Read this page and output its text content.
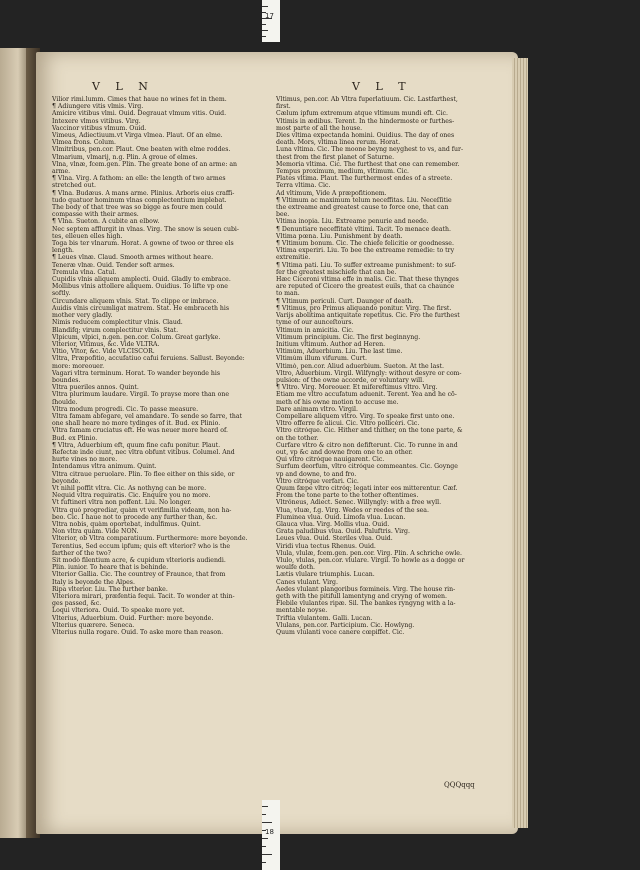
17
18
V L N	V L T
Vilior rimi.lumm. Cimes that haue no wines fet in them.
¶ Adiungere vitis vlmis. Virg.
Amicire vitibus vlmi. Ouid. Degrauat vlmum vitis. Ouid.
Intexere vlmos vitibus. Virg.
Vaccinor vitibus vlmum. Ouid.
Vimeus, Adiectiuum.vt Virga vlmea. Plaut. Of an elme.
Vlmea frons. Colum.
Vlmitribus, pen.cor. Plaut. One beaten with elme roddes.
Vlmarium, vlmarij, n.g. Plin. A groue of elmes.
Vlna, vlnæ, fcem.gen. Plin. The greate bone of an arme: an
arme.
¶ Vlna. Virg. A fathom: an elle: the length of two armes
stretched out.
¶ Vlna. Budæus. A mans arme. Plinius. Arboris eius craffi-
tudo quatuor hominum vlnas complectentium implebat.
The body of that tree was so bigge as foure men could
compasse with their armes.
¶ Vlna. Sueton. A cubite an elbow.
Nec septem afflurgit in vlnas. Virg. The snow is seuen cubi-
tes, elleuen elles high.
Toga bis ter vlnarum. Horat. A gowne of twoo or three els
length.
¶ Leues vlnæ. Claud. Smooth armes without heare.
Teneræ vlnæ. Ouid. Tender soft armes.
Tremula vlna. Catul.
Cupidis vlnis aliquem amplecti. Ouid. Gladly to embrace.
Mollibus vlnis attollere aliquem. Ouidius. To lifte vp one
softly.
Circundare aliquem vlnis. Stat. To clippe or imbrace.
Auidis vlnis circumligat matrem. Stat. He embraceth his
mother very gladly.
Nimis reducem complectitur vlnis. Claud.
Blandifq; virum complectitur vlnis. Stat.
Vlpicum, vlpici, n.gen. pen.cor. Colum. Great garlyke.
Vlterior, Vltimus, &c. Vide VLTRA.
Vltio, Vltor, &c. Vide VLCISCOR.
Vltra, Præpofitio, accufatiuo cafui feruiens. Sallust. Beyonde:
more: moreouer.
Vagari vltra terminum. Horat. To wander beyonde his
boundes.
Vltra pueriles annos. Quint.
Vltra plurimum laudare. Virgil. To prayse more than one
ſhoulde.
Vltra modum progredi. Cic. To passe measure.
Vltra famam abfegare, vel amandare. To sende so farre, that
one shall heare no more tydinges of it. Bud. ex Plinio.
Vltra famam cruciatus eft. He was neuer more heard of.
Bud. ex Plinio.
¶ Vltra, Aduerbium eft, quum fine cafu ponitur. Plaut.
Refectæ inde ciunt, nec vltra obfunt vitibus. Columel. And
hurte vines no more.
Intendamus vltra animum. Quint.
Vltra citraue peruolare. Plin. To flee either on this side, or
beyonde.
Vt nihil poffit vltra. Cic. As nothyng can be more.
Nequid vltra requiratis. Cic. Enquire you no more.
Vt fuftineri vltra non poffent. Liu. No longer.
Vltra quò progrediar, quàm vt verifimilia videam, non ha-
beo. Cic. I haue not to procede any further than, &c.
Vltra nobis, quàm oportebat, indulfimus. Quint.
Non vltra quàm. Vide NON.
Vlterior, ob Vltra comparatiuum. Furthermore: more beyonde.
Terentius, Sed eccum ipfum; quis eft vlterior? who is the
farther of the two?
Sit modò filentium acre, & cupidum vlterioris audiendi.
Plin. iunior. To heare that is behinde.
Vlterior Gallia. Cic. The countrey of Fraunce, that from
Italy is beyonde the Alpes.
Ripa vlterior. Liu. The further banke.
Vlteriora mirari, præfentia fequi. Tacit. To wonder at thin-
ges passed, &c.
Loqui vlteriora. Ouid. To speake more yet.
Vlterius, Aduerbium. Ouid. Further: more beyonde.
Vlterius quærere. Seneca.
Vlterius nulla rogare. Ouid. To aske more than reason.
Vltimus, pen.cor. Ab Vltra fuperlatiuum. Cic. Lastfarthest,
first.
Cælum ipfum extremum atque vltimum mundi eft. Cic.
Vltimis in ædibus. Terent. In the hindermoste or furthes-
most parte of all the house.
Dies vltima expectanda homini. Ouidius. The day of ones
death. Mors, vltima linea rerum. Horat.
Luna vltima. Cic. The moone beyng neyghest to vs, and fur-
thest from the first planet of Saturne.
Memoria vltima. Cic. The furthest that one can remember.
Tempus proximum, medium, vltimum. Cic.
Plates vltima. Plaut. The furthermost endes of a streete.
Terra vltima. Cic.
Ad vltimum, Vide A præpofitionem.
¶ Vltimum ac maximum telum neceffitas. Liu. Neceſſitie
the extreame and greatest cause to force one, that can
bee.
Vltima inopia. Liu. Extreame penurie and neede.
¶ Denuntiare neceffitatè vltimi. Tacit. To menace death.
Vltima pœna. Liu. Punishment by death.
¶ Vltimum bonum. Cic. The chiefe felicitie or goodnesse.
Vltima experiri. Liu. To bee the extreame remedie: to try
extremitie.
¶ Vltima pati. Liu. To suffer extreame punishment: to suf-
fer the greatest mischiefe that can be.
Hæc Ciceroni vltima effe in malis. Cic. That these thynges
are reputed of Cicero the greatest euils, that ca chaunce
to man.
¶ Vltimum periculi. Curt. Daunger of death.
¶ Vltimus, pro Primus aliquando ponitur. Virg. The first.
Varijs abolitima antiquitate repetitus. Cic. Fro the furthest
tyme of our aunceſtours.
Vltimum in amicitia. Cic.
Vltimum principium. Cic. The first beginnyng.
Initium vltimum. Author ad Heren.
Vltimùm, Aduerbium. Liu. The last time.
Vltimùm illum vifurum. Curt.
Vltimò, pen.cor. Aliud aduerbium. Sueton. At the last.
Vltro, Aduerbium. Virgil. Wilfyngly: without desyre or com-
pulsion: of the owne accorde, or voluntary will.
¶ Vltro. Virg. Moreouer. Et mifereftimus vltro. Virg.
Etiam me vltro accufatum aduenit. Terent. Yea and he cõ-
meth of his owne motion to accuse me.
Dare animam vltro. Virgil.
Compellare aliquem vltro. Virg. To speake first unto one.
Vltro offerre fe alicui. Cic. Vltro pollicéri. Cic.
Vltro citróque. Cic. Hither and thither, on the tone parte, &
on the tother.
Curfare vltro & citro non defifterunt. Cic. To runne in and
out, vp &c and downe from one to an other.
Qui vltro citróque nauigarent. Cic.
Surfum deorfum, vltro citróque commeantes. Cic. Goynge
vp and downe, to and fro.
Vltro citróque verfari. Cic.
Quum fæpe vltro citróq; legati inter eos mitterentur. Cæf.
From the tone parte to the tother oftentimes.
Vltrôneus, Adiect. Senec. Willyngly: with a free wyll.
Vlua, vluæ, f.g. Virg. Wedes or reedes of the sea.
Fluminea vlua. Ouid. Limofa vlua. Lucan.
Glauca vlua. Virg. Mollis vlua. Ouid.
Grata paludibus vlua. Ouid. Paluftris. Virg.
Leues vlua. Ouid. Steriles vlua. Ouid.
Viridi vlua tectus Rhenus. Ouid.
Vlula, vlulæ, fcem.gen. pen.cor. Virg. Plin. A schriche owle.
Vlulo, vlulas, pen.cor. vlulare. Virgil. To howle as a dogge or
woulfe doth.
Lætis vlulare triumphis. Lucan.
Canes vlulant. Virg.
Aedes vlulant plangoribus fœmineis. Virg. The house rin-
geth with the pitifull lamentyng and cryyng of women.
Flebile vlulantes ripæ. Sil. The bankes ryngyng with a la-
mentable noyse.
Triftia vlulantem. Galli. Lucan.
Vlulans, pen.cor. Participium. Cic. Howlyng.
Quum vlulanti voce canere cœpiffet. Cic.
QQQqqq
